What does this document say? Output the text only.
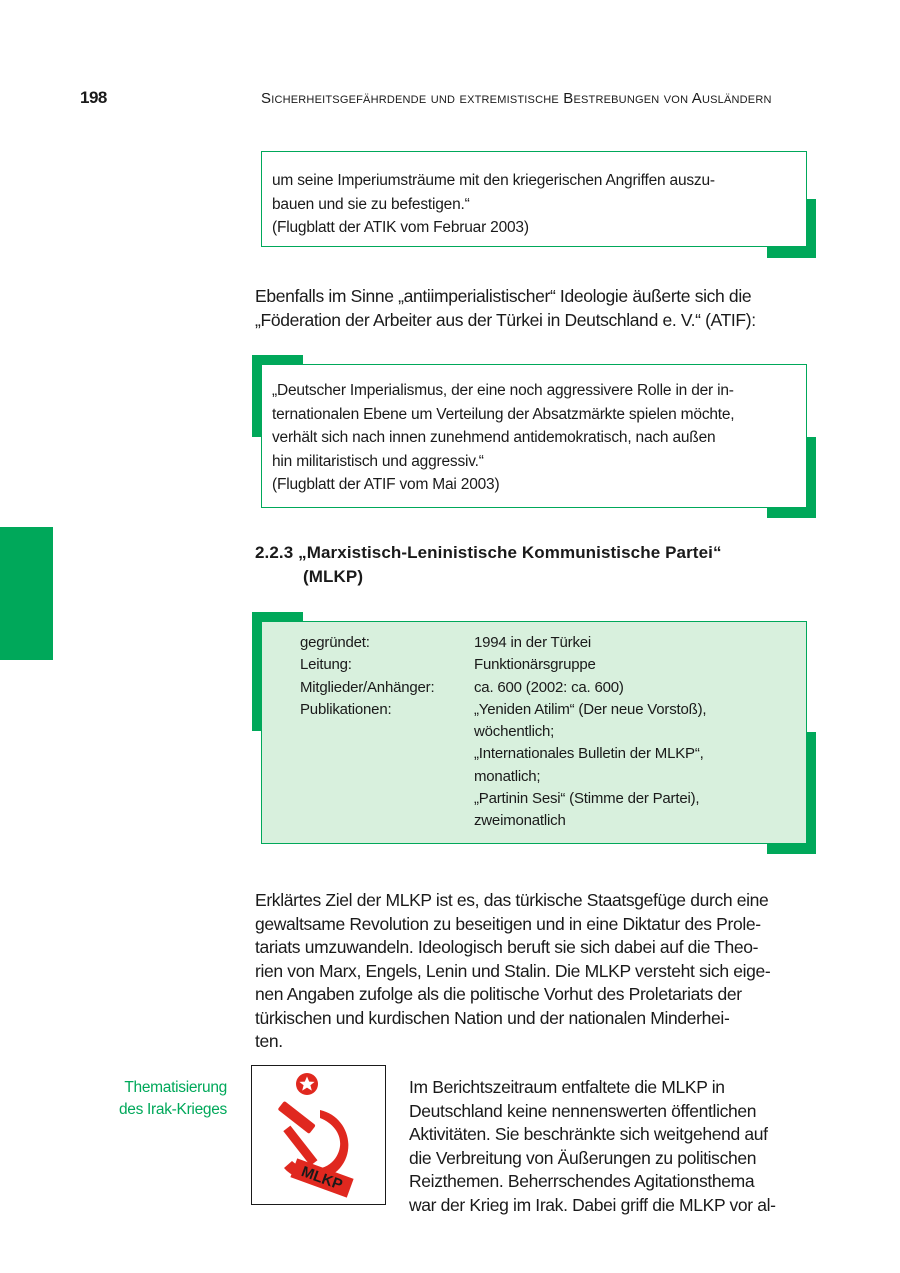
198	Sicherheitsgefährdende und extremistische Bestrebungen von Ausländern
um seine Imperiumsträume mit den kriegerischen Angriffen auszu-
bauen und sie zu befestigen.“
(Flugblatt der ATIK vom Februar 2003)
Ebenfalls im Sinne „antiimperialistischer“ Ideologie äußerte sich die
„Föderation der Arbeiter aus der Türkei in Deutschland e. V.“ (ATIF):
„Deutscher Imperialismus, der eine noch aggressivere Rolle in der in-
ternationalen Ebene um Verteilung der Absatzmärkte spielen möchte,
verhält sich nach innen zunehmend antidemokratisch, nach außen
hin militaristisch und aggressiv.“
(Flugblatt der ATIF vom Mai 2003)
2.2.3 „Marxistisch-Leninistische Kommunistische Partei“
(MLKP)
gegründet:	1994 in der Türkei
Leitung:	Funktionärsgruppe
Mitglieder/Anhänger:	ca. 600 (2002: ca. 600)
Publikationen:	„Yeniden Atilim“ (Der neue Vorstoß),
wöchentlich;
„Internationales Bulletin der MLKP“,
monatlich;
„Partinin Sesi“ (Stimme der Partei),
zweimonatlich
Erklärtes Ziel der MLKP ist es, das türkische Staatsgefüge durch eine
gewaltsame Revolution zu beseitigen und in eine Diktatur des Prole-
tariats umzuwandeln. Ideologisch beruft sie sich dabei auf die Theo-
rien von Marx, Engels, Lenin und Stalin. Die MLKP versteht sich eige-
nen Angaben zufolge als die politische Vorhut des Proletariats der
türkischen und kurdischen Nation und der nationalen Minderhei-
ten.
Thematisierung
des Irak-Krieges
MLKP
Im Berichtszeitraum entfaltete die MLKP in
Deutschland keine nennenswerten öffentlichen
Aktivitäten. Sie beschränkte sich weitgehend auf
die Verbreitung von Äußerungen zu politischen
Reizthemen. Beherrschendes Agitationsthema
war der Krieg im Irak. Dabei griff die MLKP vor al-
